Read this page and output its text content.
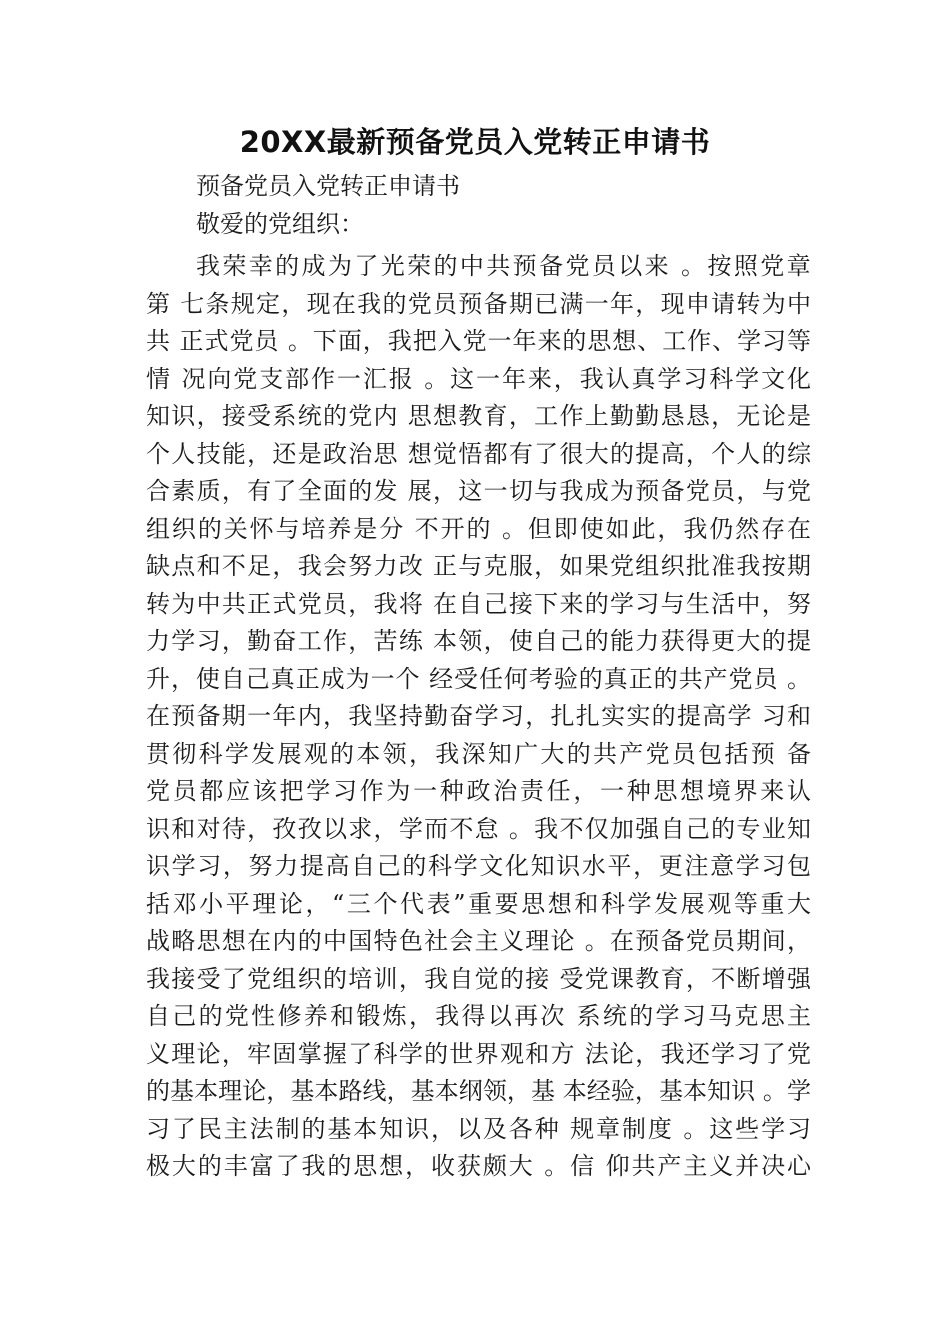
20XX最新预备党员入党转正申请书
预备党员入党转正申请书
敬爱的党组织：
我荣幸的成为了光荣的中共预备党员以来 。按照党章
第 七条规定，现在我的党员预备期已满一年，现申请转为中
共 正式党员 。下面，我把入党一年来的思想、工作、学习等
情 况向党支部作一汇报 。这一年来，我认真学习科学文化
知识，接受系统的党内 思想教育，工作上勤勤恳恳，无论是
个人技能，还是政治思 想觉悟都有了很大的提高，个人的综
合素质，有了全面的发 展，这一切与我成为预备党员，与党
组织的关怀与培养是分 不开的 。但即使如此，我仍然存在
缺点和不足，我会努力改 正与克服，如果党组织批准我按期
转为中共正式党员，我将 在自己接下来的学习与生活中，努
力学习，勤奋工作，苦练 本领，使自己的能力获得更大的提
升，使自己真正成为一个 经受任何考验的真正的共产党员 。
在预备期一年内，我坚持勤奋学习，扎扎实实的提高学 习和
贯彻科学发展观的本领，我深知广大的共产党员包括预 备
党员都应该把学习作为一种政治责任，一种思想境界来认
识和对待，孜孜以求，学而不怠 。我不仅加强自己的专业知
识学习，努力提高自己的科学文化知识水平，更注意学习包
括邓小平理论，“三个代表”重要思想和科学发展观等重大
战略思想在内的中国特色社会主义理论 。在预备党员期间，
我接受了党组织的培训，我自觉的接 受党课教育，不断增强
自己的党性修养和锻炼，我得以再次 系统的学习马克思主
义理论，牢固掌握了科学的世界观和方 法论，我还学习了党
的基本理论，基本路线，基本纲领，基 本经验，基本知识 。学
习了民主法制的基本知识，以及各种 规章制度 。这些学习
极大的丰富了我的思想，收获颇大 。信 仰共产主义并决心
